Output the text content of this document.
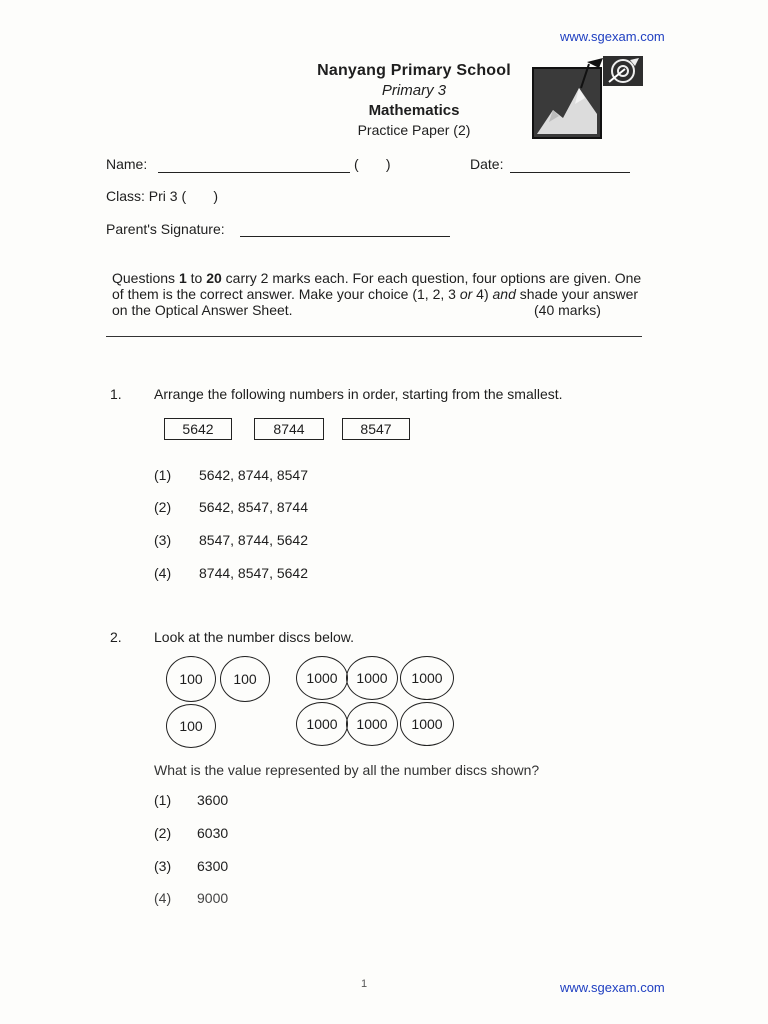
www.sgexam.com
Nanyang Primary School
Primary 3
Mathematics
Practice Paper (2)
Name:	(       )	Date:
Class: Pri 3 (       )
Parent's Signature:
Questions 1 to 20 carry 2 marks each. For each question, four options are given. One of them is the correct answer. Make your choice (1, 2, 3 or 4) and shade your answer on the Optical Answer Sheet.	(40 marks)
1. Arrange the following numbers in order, starting from the smallest.
5642	8744	8547
(1) 5642, 8744, 8547
(2) 5642, 8547, 8744
(3) 8547, 8744, 5642
(4) 8744, 8547, 5642
2. Look at the number discs below.
100	100
100
1000	1000	1000
1000	1000	1000
What is the value represented by all the number discs shown?
(1) 3600
(2) 6030
(3) 6300
(4) 9000
1	www.sgexam.com
